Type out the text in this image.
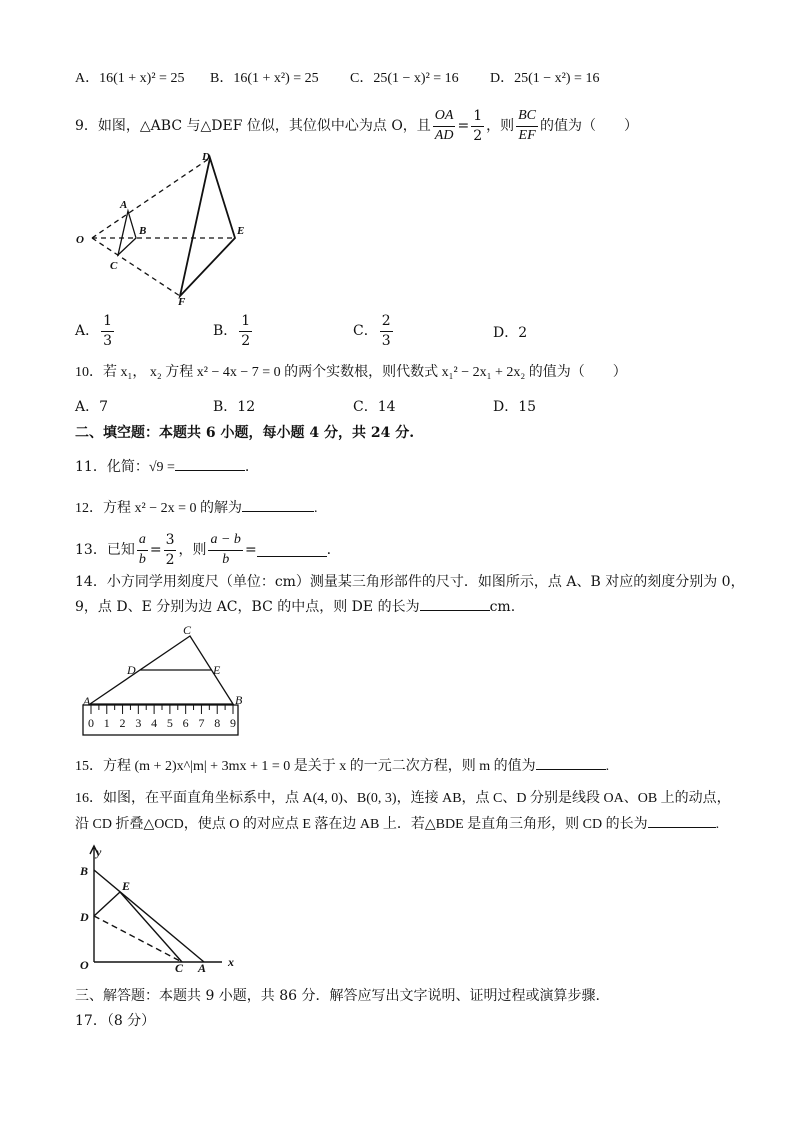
A．16(1 + x)² = 25 B．16(1 + x²) = 25 C．25(1 − x)² = 16 D．25(1 − x²) = 16
9．如图，△ABC 与△DEF 位似，其位似中心为点 O，且 $\frac{OA}{AD} = \frac{1}{2}$ ，则 $\frac{BC}{EF}$ 的值为（　　）
O
A
B
C
D
E
F
A． $\frac{1}{3}$	B． $\frac{1}{2}$	C． $\frac{2}{3}$	D．2
10．若 x₁， x₂ 方程 x² − 4x − 7 = 0 的两个实数根，则代数式 x₁² − 2x₁ + 2x₂ 的值为（　　）
A．7	B．12	C．14	D．15
二、填空题：本题共 6 小题，每小题 4 分，共 24 分.
11．化简：√9 =	.
12．方程 x² − 2x = 0 的解为	.
13．已知 $\frac{a}{b} = \frac{3}{2}$ ，则 $\frac{a - b}{b}$ =	.
14．小方同学用刻度尺（单位：cm）测量某三角形部件的尺寸．如图所示，点 A、B 对应的刻度分别为 0，
9，点 D、E 分别为边 AC，BC 的中点，则 DE 的长为	cm.
A	B
C
D	E
0 1 2 3 4 5 6 7 8 9
15．方程 (m + 2)x^|m| + 3mx + 1 = 0 是关于 x 的一元二次方程，则 m 的值为	.
16．如图，在平面直角坐标系中，点 A(4, 0)、B(0, 3)，连接 AB，点 C、D 分别是线段 OA、OB 上的动点，
沿 CD 折叠△OCD，使点 O 的对应点 E 落在边 AB 上．若△BDE 是直角三角形，则 CD 的长为	.
y
x
O	A
B
C
D
E
三、解答题：本题共 9 小题，共 86 分．解答应写出文字说明、证明过程或演算步骤.
17．（8 分）
